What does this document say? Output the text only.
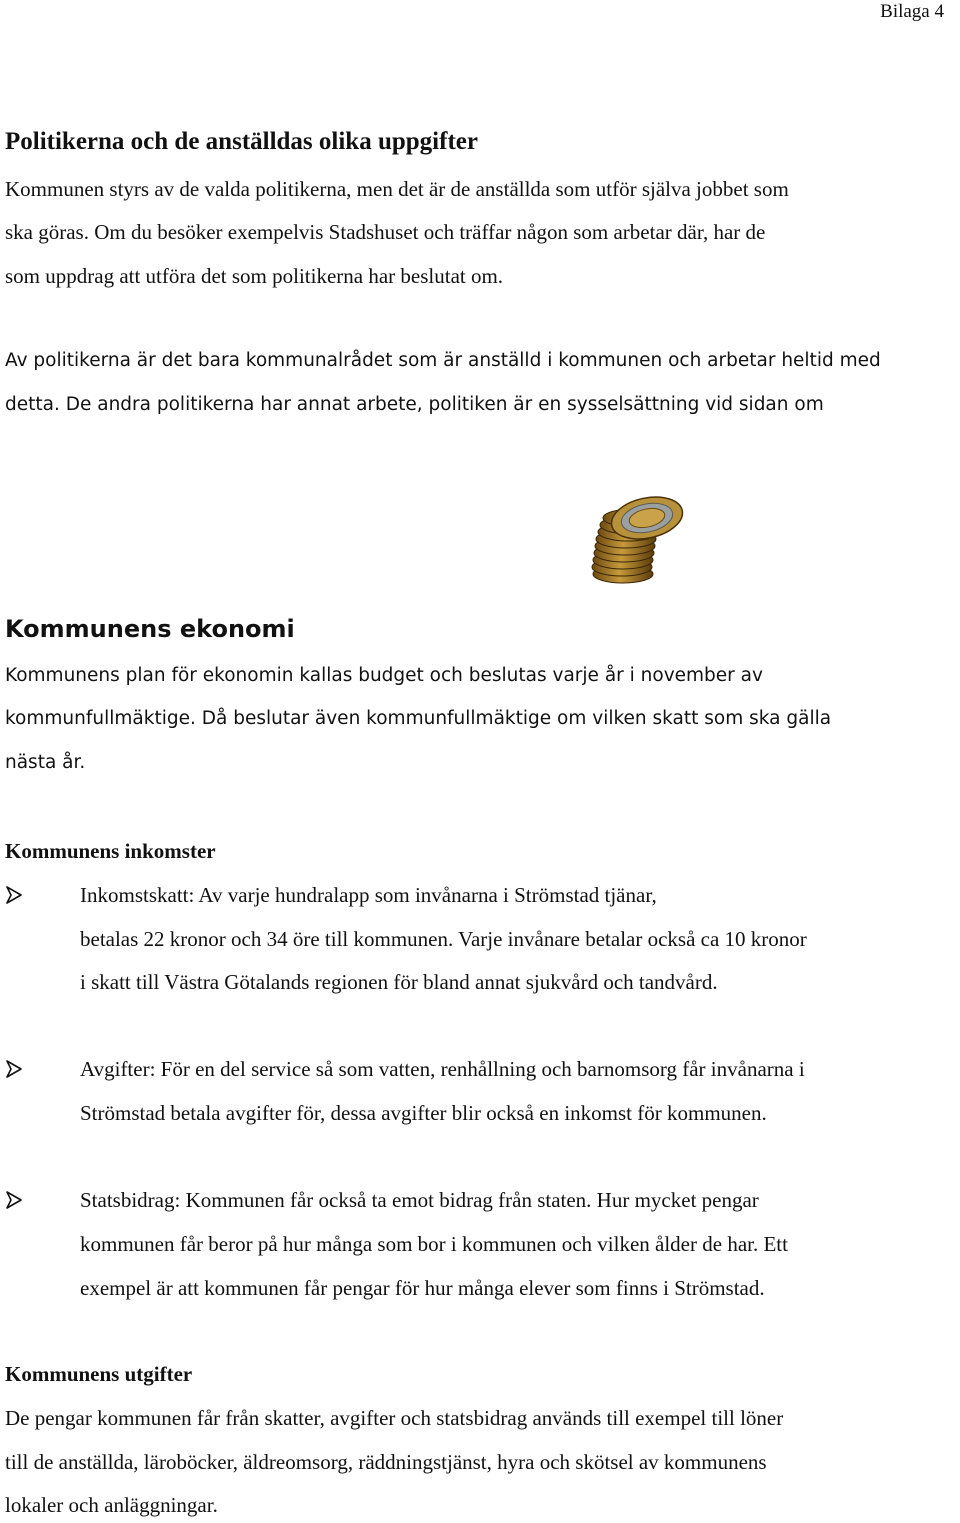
Bilaga 4
Politikerna och de anställdas olika uppgifter
Kommunen styrs av de valda politikerna, men det är de anställda som utför själva jobbet som
ska göras. Om du besöker exempelvis Stadshuset och träffar någon som arbetar där, har de
som uppdrag att utföra det som politikerna har beslutat om.
Av politikerna är det bara kommunalrådet som är anställd i kommunen och arbetar heltid med
detta. De andra politikerna har annat arbete, politiken är en sysselsättning vid sidan om
Kommunens ekonomi
Kommunens plan för ekonomin kallas budget och beslutas varje år i november av
kommunfullmäktige. Då beslutar även kommunfullmäktige om vilken skatt som ska gälla
nästa år.
Kommunens inkomster
Inkomstskatt: Av varje hundralapp som invånarna i Strömstad tjänar,
betalas 22 kronor och 34 öre till kommunen. Varje invånare betalar också ca 10 kronor
i skatt till Västra Götalands regionen för bland annat sjukvård och tandvård.
Avgifter: För en del service så som vatten, renhållning och barnomsorg får invånarna i
Strömstad betala avgifter för, dessa avgifter blir också en inkomst för kommunen.
Statsbidrag: Kommunen får också ta emot bidrag från staten. Hur mycket pengar
kommunen får beror på hur många som bor i kommunen och vilken ålder de har. Ett
exempel är att kommunen får pengar för hur många elever som finns i Strömstad.
Kommunens utgifter
De pengar kommunen får från skatter, avgifter och statsbidrag används till exempel till löner
till de anställda, läroböcker, äldreomsorg, räddningstjänst, hyra och skötsel av kommunens
lokaler och anläggningar.
